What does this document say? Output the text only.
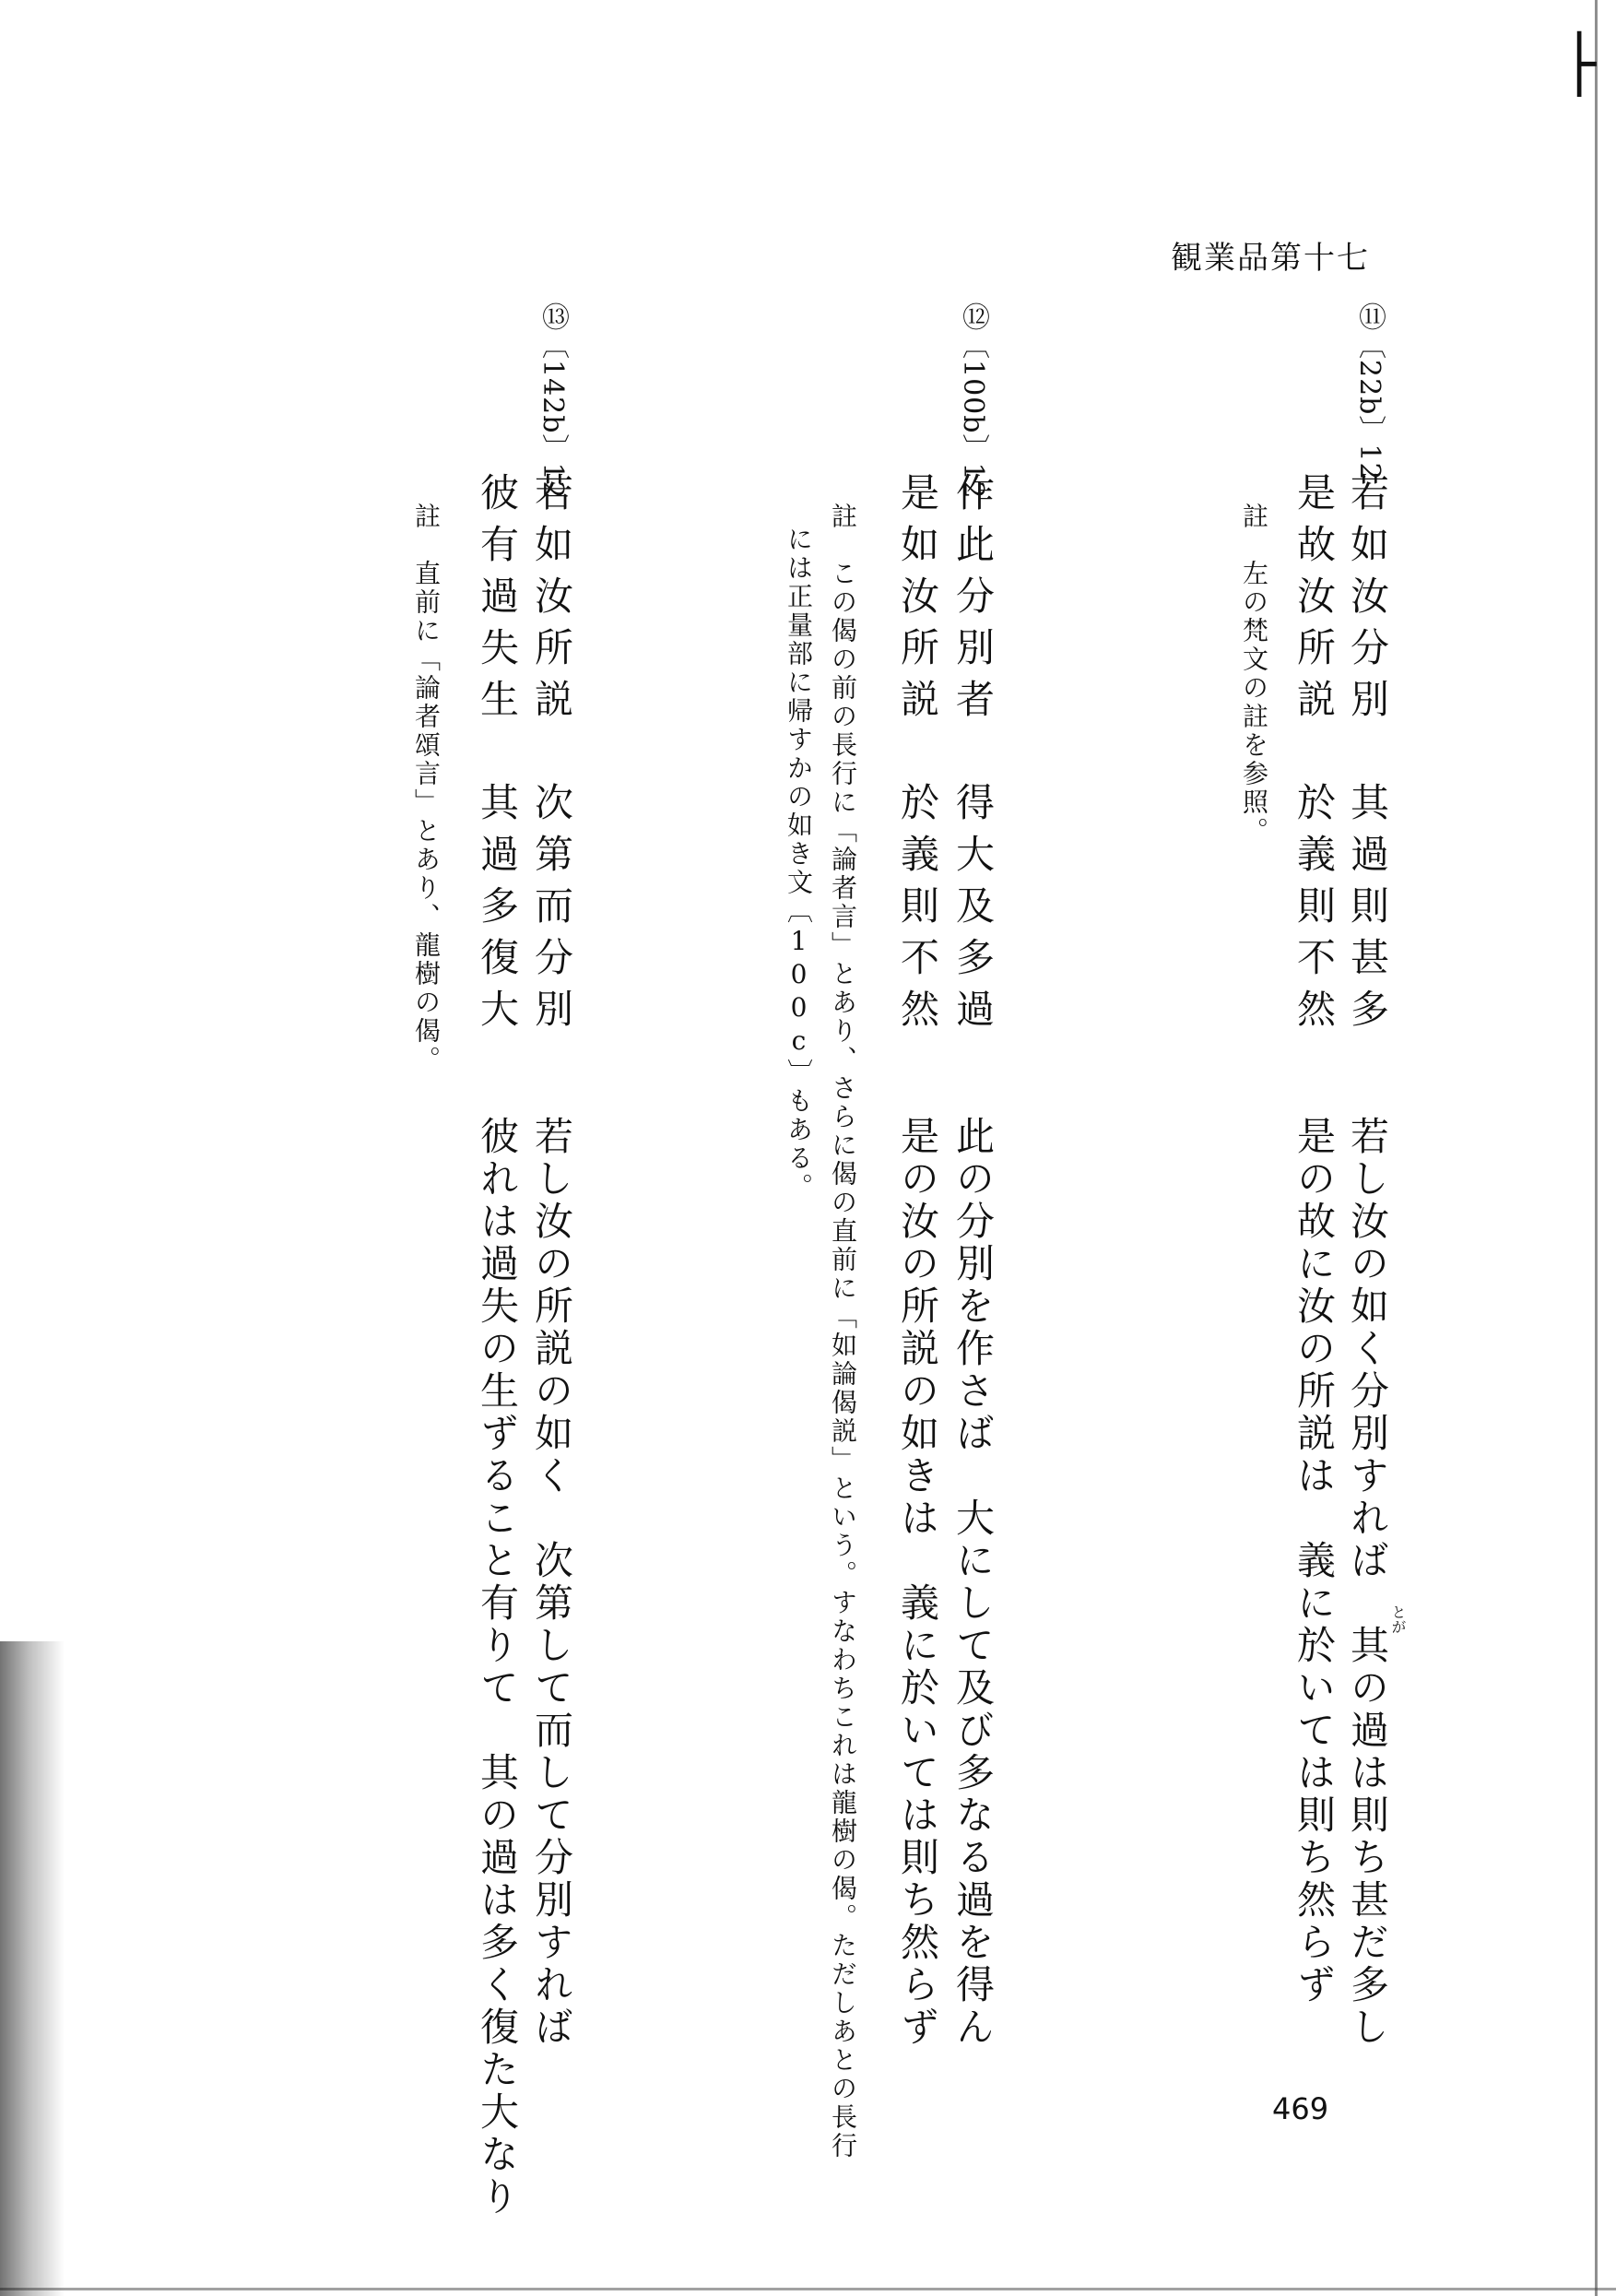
├
観業品第十七
⑪〔22b〕12
若如汝分別　其過則甚多
是故汝所説　於義則不然
註　左の梵文の註を参照。
若し汝の如く分別すれば　其の過は則ち甚だ多し
是の故に汝の所説は　義に於いては則ち然らず	とが
⑫〔100b〕12
作此分別者　得大及多過
是如汝所説　於義則不然
註　この偈の前の長行に「論者言」とあり、さらに偈の直前に「如論偈説」という。すなわちこれは龍樹の偈。ただしあとの長行
には正量部に帰すかの如き文〔100c〕もある。
此の分別を作さば　大にして及び多なる過を得ん
是の汝の所説の如きは　義に於いては則ち然らず
⑬〔142b〕12
若如汝所説　次第而分別
彼有過失生　其過多復大
註　直前に「論者頌言」とあり、龍樹の偈。
若し汝の所説の如く　次第して而して分別すれば
彼れは過失の生ずること有りて　其の過は多く復た大なり	469
